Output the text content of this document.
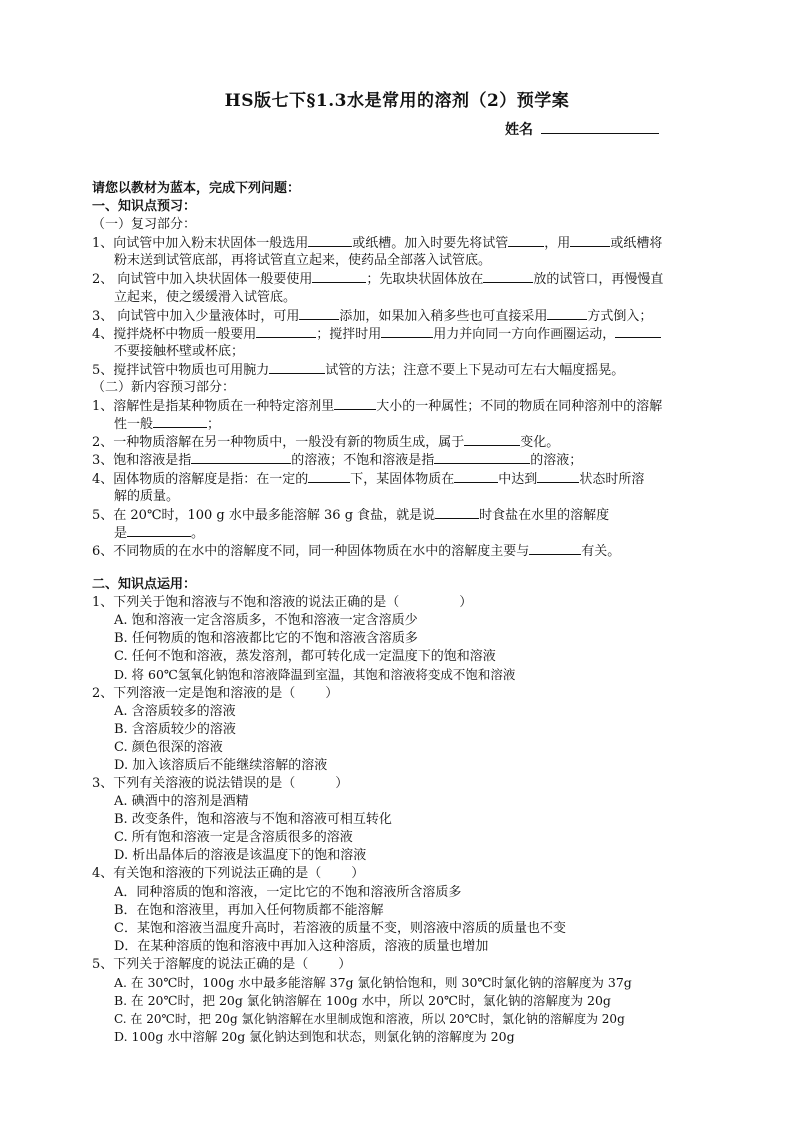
HS版七下§1.3水是常用的溶剂（2）预学案
姓名
请您以教材为蓝本，完成下列问题：
一、知识点预习：
（一）复习部分：
1、向试管中加入粉末状固体一般选用	或纸槽。加入时要先将试管	，用	或纸槽将
粉末送到试管底部，再将试管直立起来，使药品全部落入试管底。
2、 向试管中加入块状固体一般要使用	；先取块状固体放在	放的试管口，再慢慢直
立起来，使之缓缓滑入试管底。
3、 向试管中加入少量液体时，可用	添加，如果加入稍多些也可直接采用	方式倒入；
4、搅拌烧杯中物质一般要用	；搅拌时用	用力并向同一方向作画圈运动，
不要接触杯壁或杯底；
5、搅拌试管中物质也可用腕力	试管的方法；注意不要上下晃动可左右大幅度摇晃。
（二）新内容预习部分：
1、溶解性是指某种物质在一种特定溶剂里	大小的一种属性；不同的物质在同种溶剂中的溶解
性一般	；
2、一种物质溶解在另一种物质中，一般没有新的物质生成，属于	变化。
3、饱和溶液是指	的溶液；不饱和溶液是指	的溶液；
4、固体物质的溶解度是指：在一定的	下，某固体物质在	中达到	状态时所溶
解的质量。
5、在 20℃时，100 g 水中最多能溶解 36 g 食盐，就是说	时食盐在水里的溶解度
是	。
6、不同物质的在水中的溶解度不同，同一种固体物质在水中的溶解度主要与	有关。
二、知识点运用：
1、下列关于饱和溶液与不饱和溶液的说法正确的是（	）
A. 饱和溶液一定含溶质多，不饱和溶液一定含溶质少
B. 任何物质的饱和溶液都比它的不饱和溶液含溶质多
C. 任何不饱和溶液，蒸发溶剂，都可转化成一定温度下的饱和溶液
D. 将 60℃氢氧化钠饱和溶液降温到室温，其饱和溶液将变成不饱和溶液
2、下列溶液一定是饱和溶液的是（ ）
A. 含溶质较多的溶液
B. 含溶质较少的溶液
C. 颜色很深的溶液
D. 加入该溶质后不能继续溶解的溶液
3、下列有关溶液的说法错误的是（	）
A. 碘酒中的溶剂是酒精
B. 改变条件，饱和溶液与不饱和溶液可相互转化
C. 所有饱和溶液一定是含溶质很多的溶液
D. 析出晶体后的溶液是该温度下的饱和溶液
4、有关饱和溶液的下列说法正确的是（ ）
A．同种溶质的饱和溶液，一定比它的不饱和溶液所含溶质多
B．在饱和溶液里，再加入任何物质都不能溶解
C．某饱和溶液当温度升高时，若溶液的质量不变，则溶液中溶质的质量也不变
D．在某种溶质的饱和溶液中再加入这种溶质，溶液的质量也增加
5、下列关于溶解度的说法正确的是（ ）
A. 在 30℃时，100g 水中最多能溶解 37g 氯化钠恰饱和，则 30℃时氯化钠的溶解度为 37g
B. 在 20℃时，把 20g 氯化钠溶解在 100g 水中，所以 20℃时，氯化钠的溶解度为 20g
C. 在 20℃时，把 20g 氯化钠溶解在水里制成饱和溶液，所以 20℃时，氯化钠的溶解度为 20g
D. 100g 水中溶解 20g 氯化钠达到饱和状态，则氯化钠的溶解度为 20g
